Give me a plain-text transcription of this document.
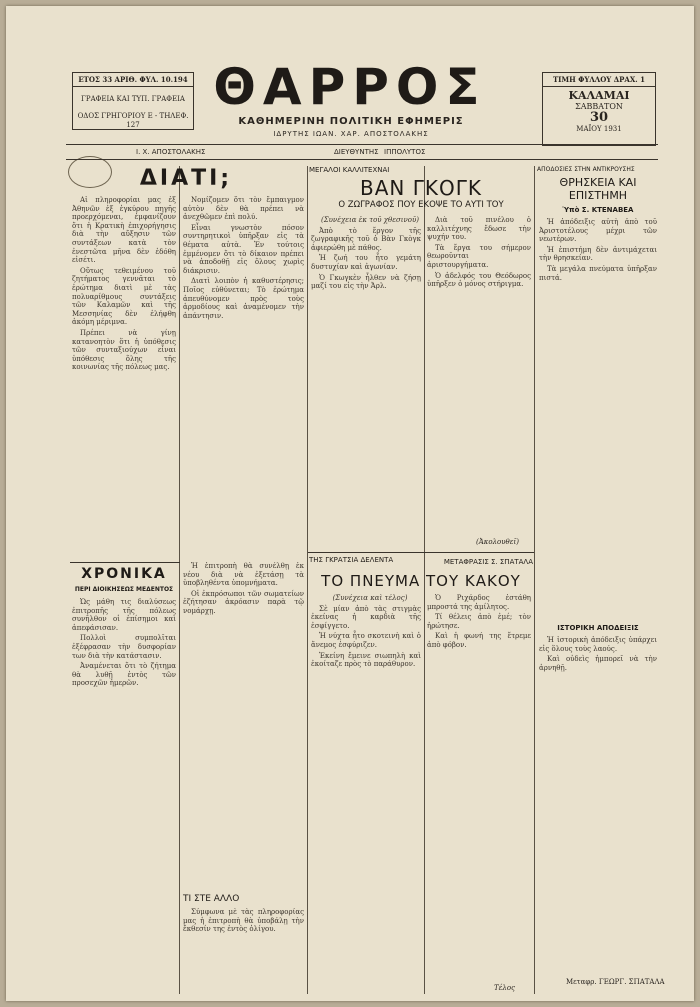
ΕΤΟΣ 33 ΑΡΙΘ. ΦΥΛ. 10.194
ΓΡΑΦΕΙΑ ΚΑΙ ΤΥΠ. ΓΡΑΦΕΙΑ
ΟΔΟΣ ΓΡΗΓΟΡΙΟΥ Ε - ΤΗΛΕΦ. 127
ΤΙΜΗ ΦΥΛΛΟΥ ΔΡΑΧ. 1
ΚΑΛΑΜΑΙ
ΣΑΒΒΑΤΟΝ
30
ΜΑΪΟΥ 1931
ΘΑΡΡΟΣ
ΚΑΘΗΜΕΡΙΝΗ ΠΟΛΙΤΙΚΗ ΕΦΗΜΕΡΙΣ
ΙΔΡΥΤΗΣ ΙΩΑΝ. ΧΑΡ. ΑΠΟΣΤΟΛΑΚΗΣ
Ι. Χ. ΑΠΟΣΤΟΛΑΚΗΣ	ΔΙΕΥΘΥΝΤΗΣ ΙΠΠΟΛΥΤΟΣ
ΔΙΑΤΙ;

Αἱ πληροφορίαι μας ἐξ Ἀθηνῶν ἐξ ἐγκύρου πηγῆς προερχόμεναι, ἐμφανίζουν ὅτι ἡ Κρατικὴ ἐπιχορήγησις διὰ τὴν αὔξησιν τῶν συντάξεων κατὰ τὸν ἐνεστῶτα μῆνα δὲν ἐδόθη εἰσέτι.

Οὕτως τεθειμένου τοῦ ζητήματος γεννᾶται τὸ ἐρώτημα διατὶ μὲ τὰς πολυαρίθμους συντάξεις τῶν Καλαμῶν καὶ τῆς Μεσσηνίας δὲν ἐλήφθη ἀκόμη μέριμνα.

Πρέπει νὰ γίνῃ κατανοητὸν ὅτι ἡ ὑπόθεσις τῶν συνταξιούχων εἶναι ὑπόθεσις ὅλης τῆς κοινωνίας τῆς πόλεως μας.

Νομίζομεν ὅτι τὸν ἔμπαιγμον αὐτὸν δὲν θὰ πρέπει νὰ ἀνεχθῶμεν ἐπὶ πολύ.

Εἶναι γνωστὸν πόσον συντηρητικοὶ ὑπῆρξαν εἰς τὰ θέματα αὐτὰ. Ἐν τούτοις ἐμμένομεν ὅτι τὸ δίκαιον πρέπει νὰ ἀποδοθῇ εἰς ὅλους χωρὶς διάκρισιν.

Διατὶ λοιπὸν ἡ καθυστέρησις; Ποῖος εὐθύνεται; Τὸ ἐρώτημα ἀπευθύνομεν πρὸς τοὺς ἁρμοδίους καὶ ἀναμένομεν τὴν ἀπάντησιν.

ΧΡΟΝΙΚΑ
ΠΕΡΙ ΔΙΟΙΚΗΣΕΩΣ ΜΕΔΕΝΤΟΣ

Ὡς μάθη τις διαλύσεως ἐπιτροπῆς τῆς πόλεως συνῆλθον οἱ ἐπίσημοι καὶ ἀπεφάσισαν.

Πολλοὶ συμπολῖται ἐξέφρασαν τὴν δυσφορίαν των διὰ τὴν κατάστασιν.

Ἀναμένεται ὅτι τὸ ζήτημα θὰ λυθῇ ἐντὸς τῶν προσεχῶν ἡμερῶν.

Ἡ ἐπιτροπὴ θὰ συνέλθῃ ἐκ νέου διὰ νὰ ἐξετάσῃ τὰ ὑποβληθέντα ὑπομνήματα.

Οἱ ἐκπρόσωποι τῶν σωματείων ἐζήτησαν ἀκρόασιν παρὰ τῷ νομάρχῃ.

ΤΙ ΣΤΕ ΑΛΛΟ

Σύμφωνα μὲ τὰς πληροφορίας μας ἡ ἐπιτροπὴ θὰ ὑποβάλῃ τὴν ἔκθεσίν της ἐντὸς ὀλίγου.

ΜΕΓΑΛΟΙ ΚΑΛΛΙΤΕΧΝΑΙ
ΒΑΝ ΓΚΟΓΚ
Ο ΖΩΓΡΑΦΟΣ ΠΟΥ ΕΚΟΨΕ ΤΟ ΑΥΤΙ ΤΟΥ

(Συνέχεια ἐκ τοῦ χθεσινοῦ)

Ἀπὸ τὸ ἔργον τῆς ζωγραφικῆς τοῦ ὁ Βὰν Γκὸγκ ἀφιερώθη μὲ πάθος.

Ἡ ζωή του ἦτο γεμάτη δυστυχίαν καὶ ἀγωνίαν.

Ὁ Γκωγκὲν ἦλθεν νὰ ζήσῃ μαζί του εἰς τὴν Ἀρλ.

Διὰ τοῦ πινέλου ὁ καλλιτέχνης ἔδωσε τὴν ψυχήν του.

Τὰ ἔργα του σήμερον θεωροῦνται ἀριστουργήματα.

Ὁ ἀδελφός του Θεόδωρος ὑπῆρξεν ὁ μόνος στήριγμα.

(Ἀκολουθεῖ)
ΤΗΣ ΓΚΡΑΤΣΙΑ ΔΕΛΕΝΤΑ
ΤΟ ΠΝΕΥΜΑ ΤΟΥ ΚΑΚΟΥ
ΜΕΤΑΦΡΑΣΙΣ Σ. ΣΠΑΤΑΛΑ

(Συνέχεια καὶ τέλος)

Σὲ μίαν ἀπὸ τὰς στιγμὰς ἐκείνας ἡ καρδιὰ τῆς ἐσφίγγετο.

Ἡ νύχτα ἦτο σκοτεινὴ καὶ ὁ ἄνεμος ἐσφύριζεν.

Ἐκείνη ἔμεινε σιωπηλὴ καὶ ἐκοίταζε πρὸς τὸ παράθυρον.

Ὁ Ριχάρδος ἐστάθη μπροστά της ἀμίλητος.

Τί θέλεις ἀπὸ ἐμέ; τὸν ἠρώτησε.

Καὶ ἡ φωνή της ἔτρεμε ἀπὸ φόβον.

Τέλος
ΑΠΟΔΟΣΙΕΣ ΣΤΗΝ ΑΝΤΙΚΡΟΥΣΗΣ
ΘΡΗΣΚΕΙΑ ΚΑΙ ΕΠΙΣΤΗΜΗ
Ὑπὸ Σ. ΚΤΕΝΑΒΕΑ

Ἡ ἀπόδειξις αὐτὴ ἀπὸ τοῦ Ἀριστοτέλους μέχρι τῶν νεωτέρων.

Ἡ ἐπιστήμη δὲν ἀντιμάχεται τὴν θρησκείαν.

Τὰ μεγάλα πνεύματα ὑπῆρξαν πιστά.

ΙΣΤΟΡΙΚΗ ΑΠΟΔΕΙΞΙΣ

Ἡ ἱστορικὴ ἀπόδειξις ὑπάρχει εἰς ὅλους τοὺς λαούς.

Καὶ οὐδεὶς ἠμπορεῖ νὰ τὴν ἀρνηθῇ.

Μεταφρ. ΓΕΩΡΓ. ΣΠΑΤΑΛΑ
